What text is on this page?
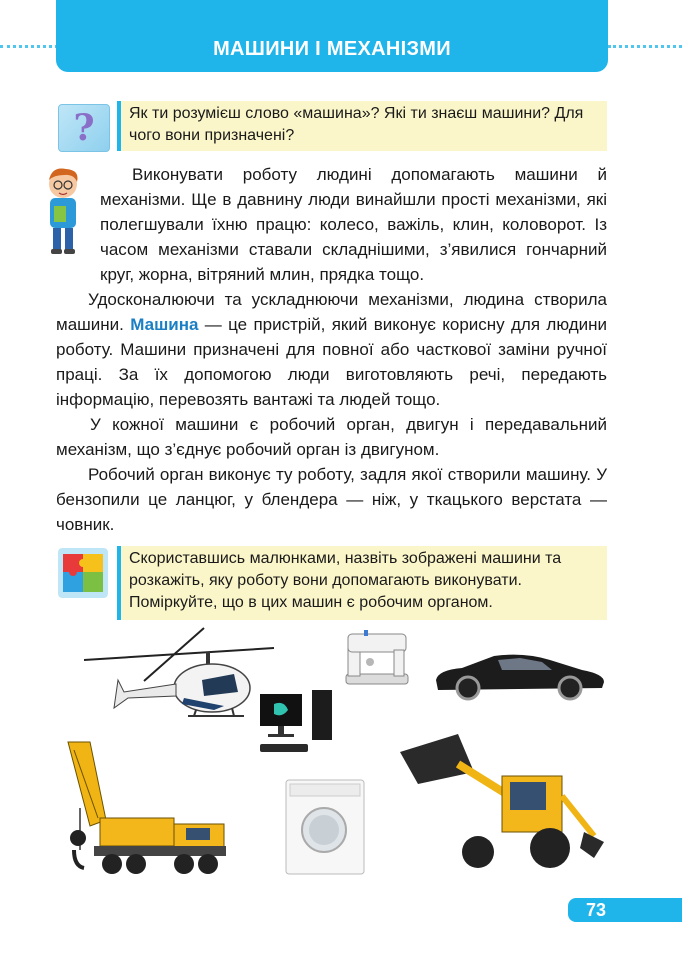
МАШИНИ І МЕХАНІЗМИ
?	Як ти розумієш слово «машина»? Які ти знаєш машини? Для чого вони призначені?

Виконувати роботу людині допомагають машини й механізми. Ще в давнину люди винайшли прості механізми, які полегшували їхню працю: колесо, важіль, клин, коловорот. Із часом механізми ставали складнішими, з’явилися гончарний круг, жорна, вітряний млин, прядка тощо.

Удосконалюючи та ускладнюючи механізми, людина створила машини. Машина — це пристрій, який виконує корисну для людини роботу. Машини призначені для повної або часткової заміни ручної праці. За їх допомогою люди виготовляють речі, передають інформацію, перевозять вантажі та людей тощо.

У кожної машини є робочий орган, двигун і передавальний механізм, що з’єднує робочий орган із двигуном.

Робочий орган виконує ту роботу, задля якої створили машину. У бензопили це ланцюг, у блендера — ніж, у ткацького верстата — човник.

Скориставшись малюнками, назвіть зображені машини та розкажіть, яку роботу вони допомагають виконувати. Поміркуйте, що в цих машин є робочим органом.
73
